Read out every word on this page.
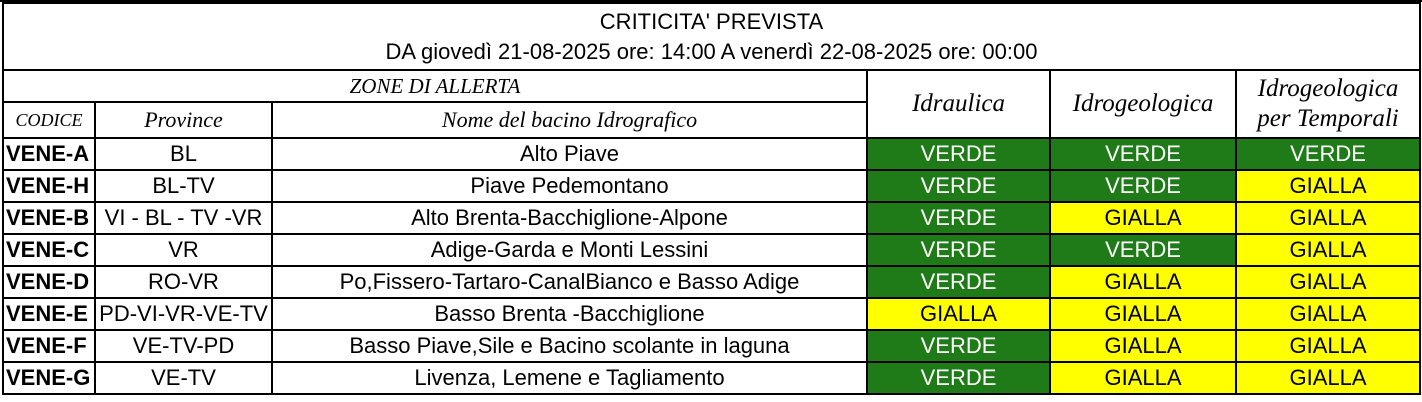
CRITICITA' PREVISTA
DA giovedì 21-08-2025 ore: 14:00 A venerdì 22-08-2025 ore: 00:00					

ZONE DI ALLERTA			Idraulica	Idrogeologica	Idrogeologica
per Temporali

CODICE	Province	Nome del bacino Idrografico			
VENE-A	BL	Alto Piave	VERDE	VERDE	VERDE
VENE-H	BL-TV	Piave Pedemontano	VERDE	VERDE	GIALLA
VENE-B	VI - BL - TV -VR	Alto Brenta-Bacchiglione-Alpone	VERDE	GIALLA	GIALLA
VENE-C	VR	Adige-Garda e Monti Lessini	VERDE	VERDE	GIALLA
VENE-D	RO-VR	Po,Fissero-Tartaro-CanalBianco e Basso Adige	VERDE	GIALLA	GIALLA
VENE-E	PD-VI-VR-VE-TV	Basso Brenta -Bacchiglione	GIALLA	GIALLA	GIALLA
VENE-F	VE-TV-PD	Basso Piave,Sile e Bacino scolante in laguna	VERDE	GIALLA	GIALLA
VENE-G	VE-TV	Livenza, Lemene e Tagliamento	VERDE	GIALLA	GIALLA
